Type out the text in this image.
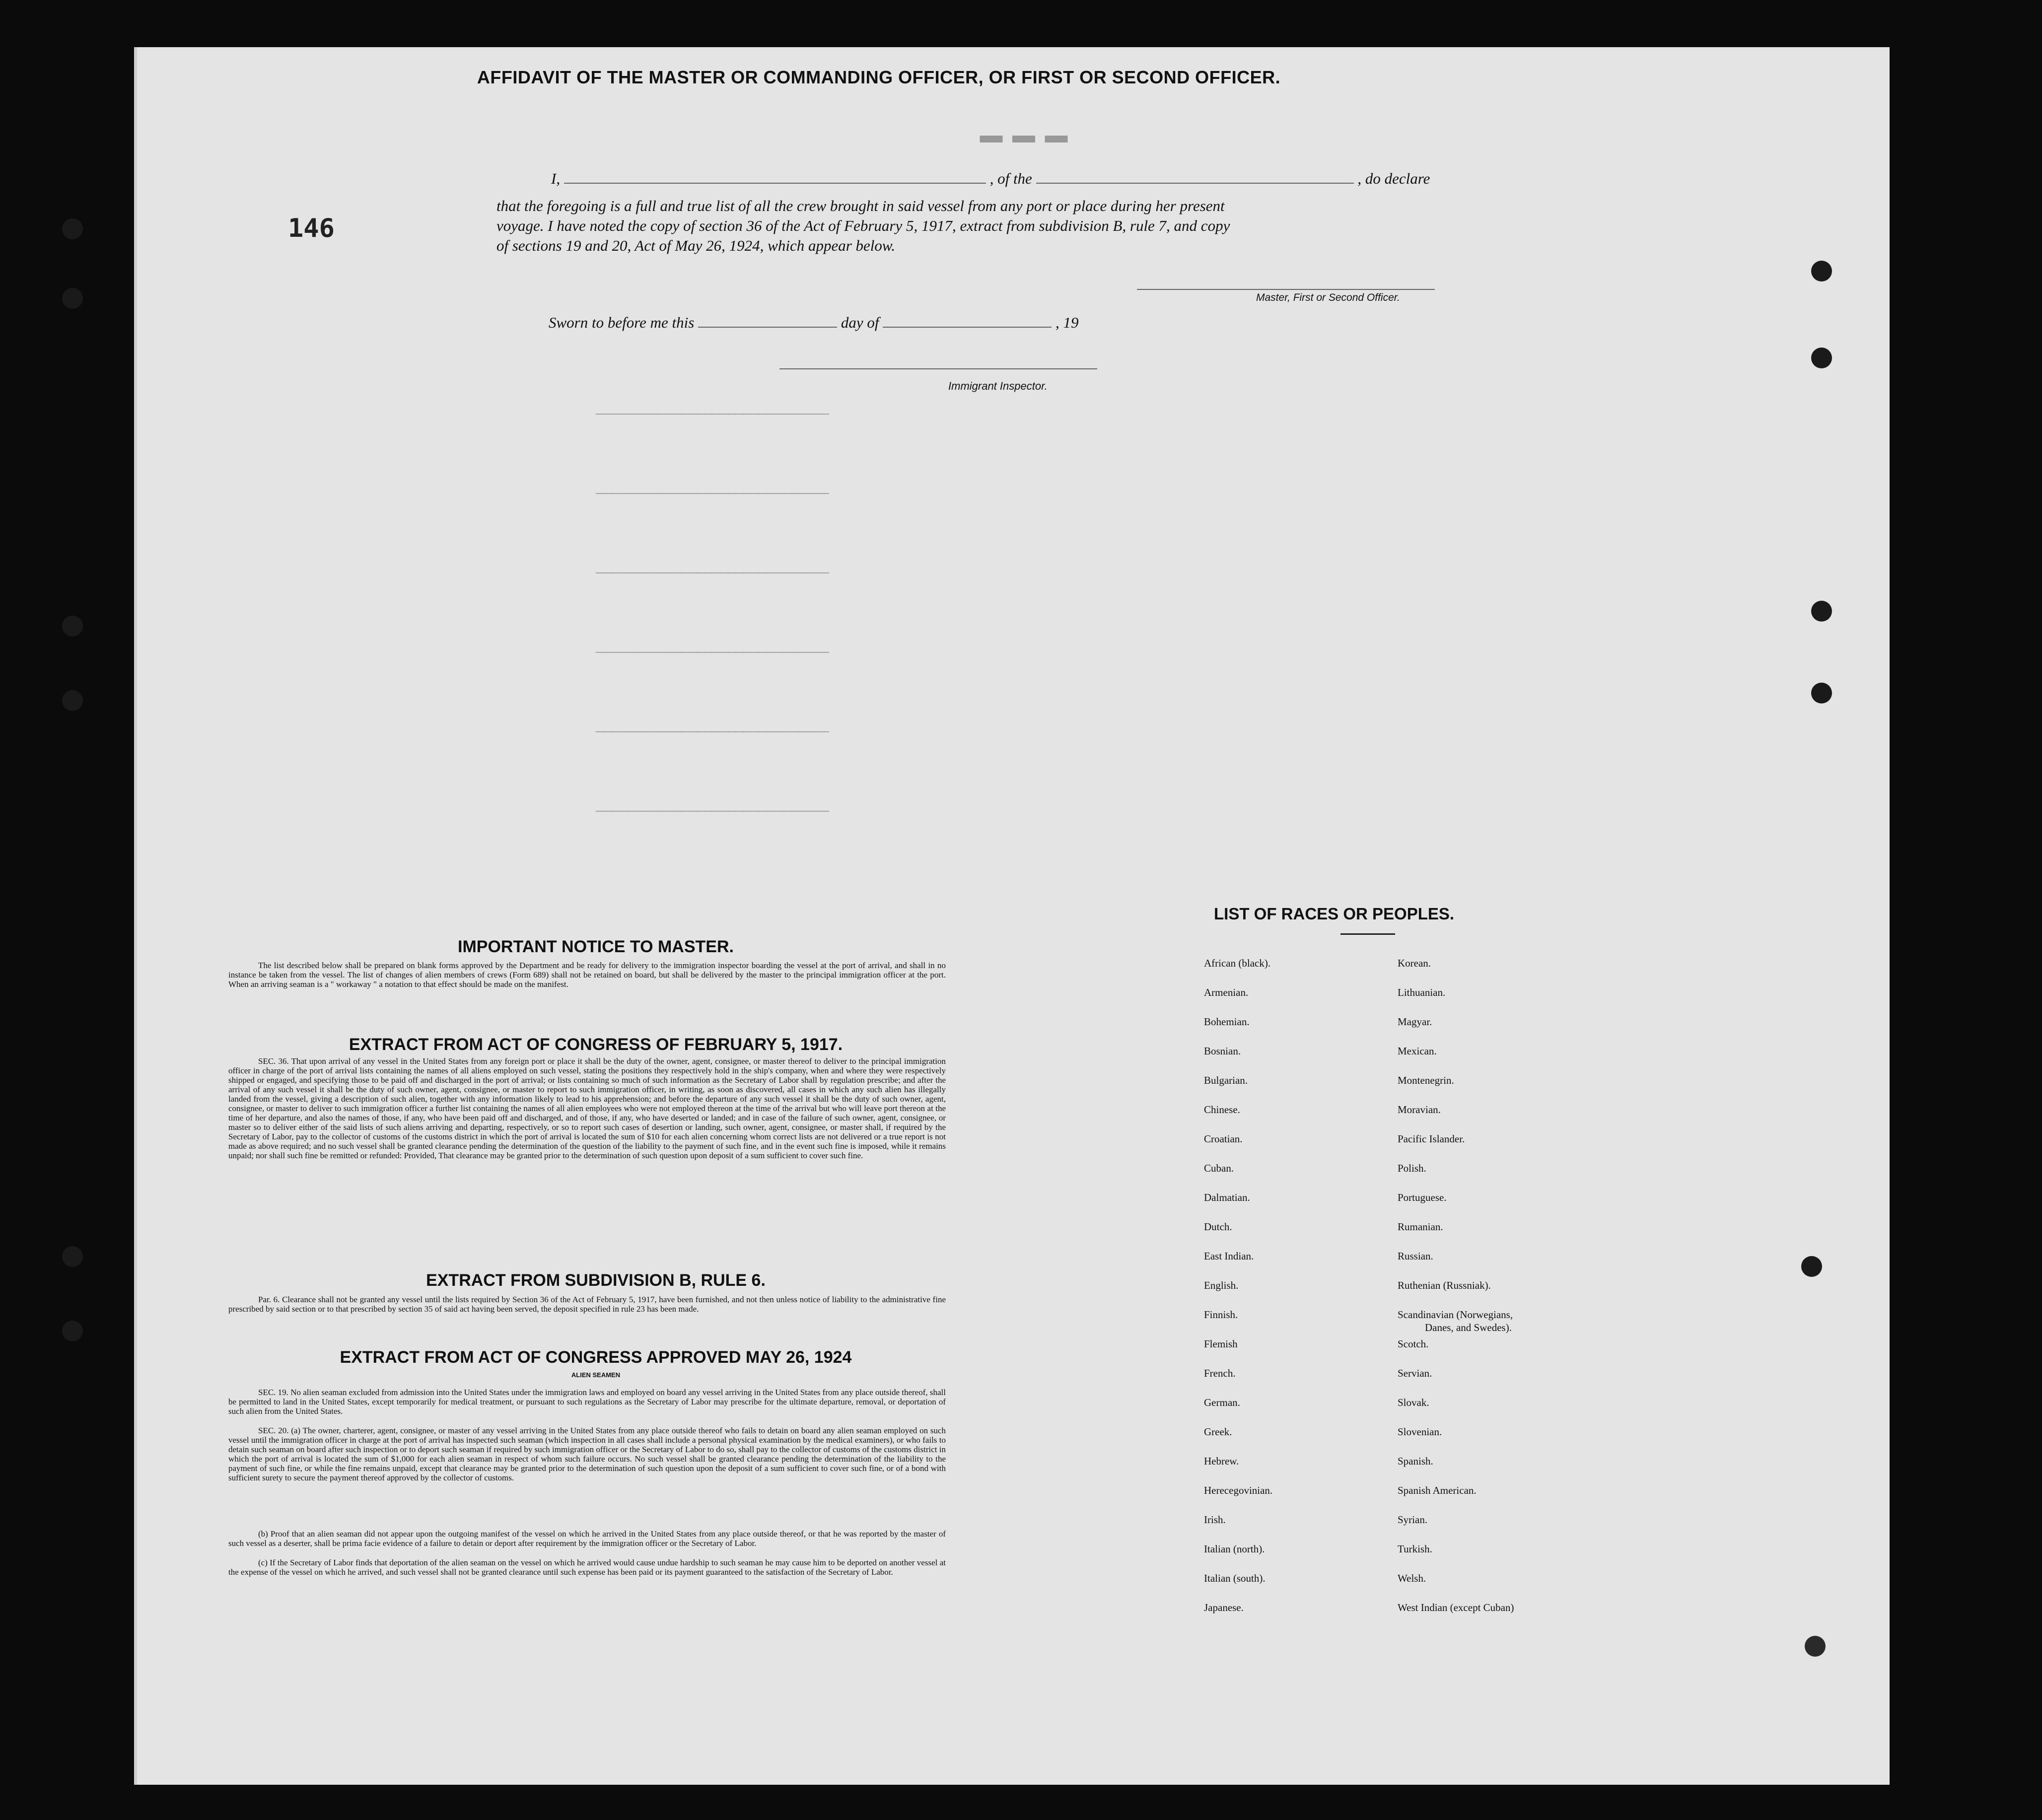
▬ ▬ ▬
──────────────────────────────
──────────────────────────────
──────────────────────────────
──────────────────────────────
──────────────────────────────
──────────────────────────────
146
AFFIDAVIT OF THE MASTER OR COMMANDING OFFICER, OR FIRST OR SECOND OFFICER.
I,	, of the	, do declare
that the foregoing is a full and true list of all the crew brought in said vessel from any port or place during her present
voyage. I have noted the copy of section 36 of the Act of February 5, 1917, extract from subdivision B, rule 7, and copy
of sections 19 and 20, Act of May 26, 1924, which appear below.
Master, First or Second Officer.
Sworn to before me this	day of	, 19
Immigrant Inspector.
IMPORTANT NOTICE TO MASTER.
The list described below shall be prepared on blank forms approved by the Department and be ready for delivery to the immigration inspector boarding the vessel at the port of arrival, and shall in no instance be taken from the vessel. The list of changes of alien members of crews (Form 689) shall not be retained on board, but shall be delivered by the master to the principal immigration officer at the port. When an arriving seaman is a " workaway " a notation to that effect should be made on the manifest.
EXTRACT FROM ACT OF CONGRESS OF FEBRUARY 5, 1917.
SEC. 36. That upon arrival of any vessel in the United States from any foreign port or place it shall be the duty of the owner, agent, consignee, or master thereof to deliver to the principal immigration officer in charge of the port of arrival lists containing the names of all aliens employed on such vessel, stating the positions they respectively hold in the ship's company, when and where they were respectively shipped or engaged, and specifying those to be paid off and discharged in the port of arrival; or lists containing so much of such information as the Secretary of Labor shall by regulation prescribe; and after the arrival of any such vessel it shall be the duty of such owner, agent, consignee, or master to report to such immigration officer, in writing, as soon as discovered, all cases in which any such alien has illegally landed from the vessel, giving a description of such alien, together with any information likely to lead to his apprehension; and before the departure of any such vessel it shall be the duty of such owner, agent, consignee, or master to deliver to such immigration officer a further list containing the names of all alien employees who were not employed thereon at the time of the arrival but who will leave port thereon at the time of her departure, and also the names of those, if any, who have been paid off and discharged, and of those, if any, who have deserted or landed; and in case of the failure of such owner, agent, consignee, or master so to deliver either of the said lists of such aliens arriving and departing, respectively, or so to report such cases of desertion or landing, such owner, agent, consignee, or master shall, if required by the Secretary of Labor, pay to the collector of customs of the customs district in which the port of arrival is located the sum of $10 for each alien concerning whom correct lists are not delivered or a true report is not made as above required; and no such vessel shall be granted clearance pending the determination of the question of the liability to the payment of such fine, and in the event such fine is imposed, while it remains unpaid; nor shall such fine be remitted or refunded: Provided, That clearance may be granted prior to the determination of such question upon deposit of a sum sufficient to cover such fine.
EXTRACT FROM SUBDIVISION B, RULE 6.
Par. 6. Clearance shall not be granted any vessel until the lists required by Section 36 of the Act of February 5, 1917, have been furnished, and not then unless notice of liability to the administrative fine prescribed by said section or to that prescribed by section 35 of said act having been served, the deposit specified in rule 23 has been made.
EXTRACT FROM ACT OF CONGRESS APPROVED MAY 26, 1924
ALIEN SEAMEN
SEC. 19. No alien seaman excluded from admission into the United States under the immigration laws and employed on board any vessel arriving in the United States from any place outside thereof, shall be permitted to land in the United States, except temporarily for medical treatment, or pursuant to such regulations as the Secretary of Labor may prescribe for the ultimate departure, removal, or deportation of such alien from the United States.
SEC. 20. (a) The owner, charterer, agent, consignee, or master of any vessel arriving in the United States from any place outside thereof who fails to detain on board any alien seaman employed on such vessel until the immigration officer in charge at the port of arrival has inspected such seaman (which inspection in all cases shall include a personal physical examination by the medical examiners), or who fails to detain such seaman on board after such inspection or to deport such seaman if required by such immigration officer or the Secretary of Labor to do so, shall pay to the collector of customs of the customs district in which the port of arrival is located the sum of $1,000 for each alien seaman in respect of whom such failure occurs. No such vessel shall be granted clearance pending the determination of the liability to the payment of such fine, or while the fine remains unpaid, except that clearance may be granted prior to the determination of such question upon the deposit of a sum sufficient to cover such fine, or of a bond with sufficient surety to secure the payment thereof approved by the collector of customs.
(b) Proof that an alien seaman did not appear upon the outgoing manifest of the vessel on which he arrived in the United States from any place outside thereof, or that he was reported by the master of such vessel as a deserter, shall be prima facie evidence of a failure to detain or deport after requirement by the immigration officer or the Secretary of Labor.
(c) If the Secretary of Labor finds that deportation of the alien seaman on the vessel on which he arrived would cause undue hardship to such seaman he may cause him to be deported on another vessel at the expense of the vessel on which he arrived, and such vessel shall not be granted clearance until such expense has been paid or its payment guaranteed to the satisfaction of the Secretary of Labor.
LIST OF RACES OR PEOPLES.
African (black).
Armenian.
Bohemian.
Bosnian.
Bulgarian.
Chinese.
Croatian.
Cuban.
Dalmatian.
Dutch.
East Indian.
English.
Finnish.
Flemish
French.
German.
Greek.
Hebrew.
Herecegovinian.
Irish.
Italian (north).
Italian (south).
Japanese.
Korean.
Lithuanian.
Magyar.
Mexican.
Montenegrin.
Moravian.
Pacific Islander.
Polish.
Portuguese.
Rumanian.
Russian.
Ruthenian (Russniak).
Scandinavian (Norwegians,
Danes, and Swedes).
Scotch.
Servian.
Slovak.
Slovenian.
Spanish.
Spanish American.
Syrian.
Turkish.
Welsh.
West Indian (except Cuban)
